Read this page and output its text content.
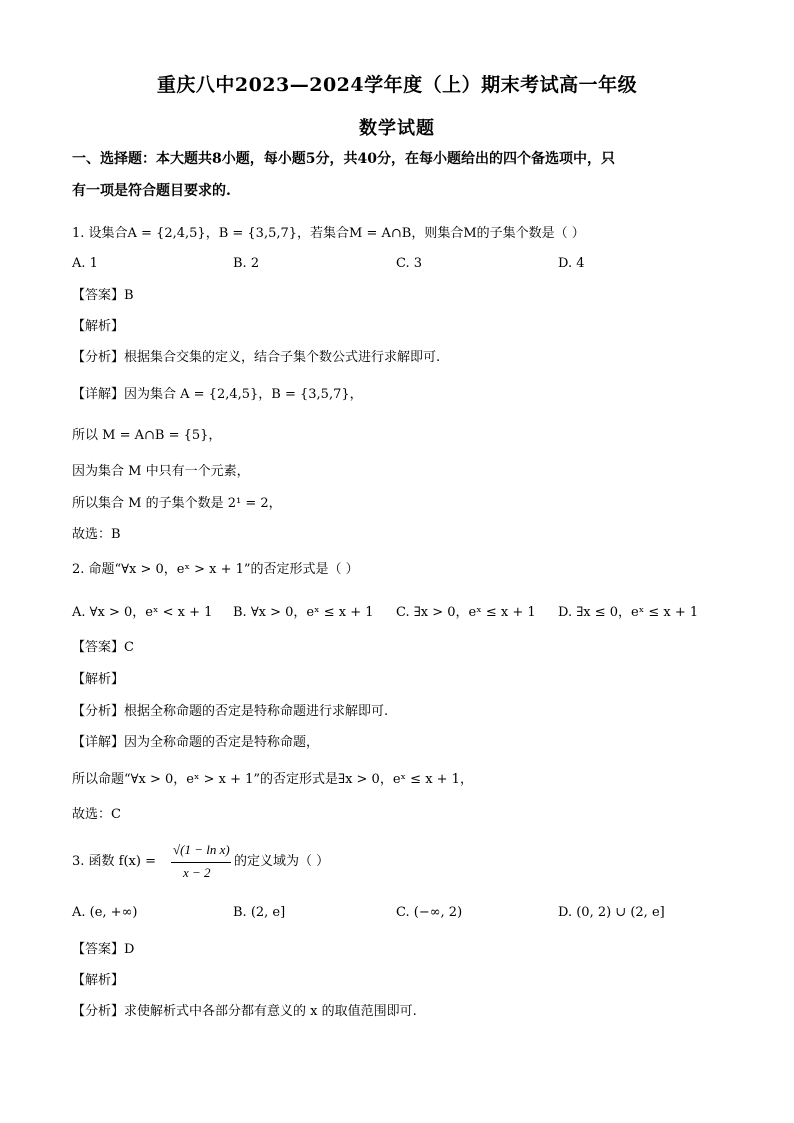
重庆八中2023—2024学年度（上）期末考试高一年级
数学试题
一、选择题：本大题共8小题，每小题5分，共40分，在每小题给出的四个备选项中，只
有一项是符合题目要求的.
1. 设集合A = {2,4,5}，B = {3,5,7}，若集合M = A∩B，则集合M的子集个数是（ ）
A. 1	B. 2	C. 3	D. 4
【答案】B
【解析】
【分析】根据集合交集的定义，结合子集个数公式进行求解即可.
【详解】因为集合 A = {2,4,5}，B = {3,5,7}，
所以 M = A∩B = {5}，
因为集合 M 中只有一个元素，
所以集合 M 的子集个数是 2¹ = 2，
故选：B
2. 命题“∀x > 0，eˣ > x + 1”的否定形式是（ ）
A. ∀x > 0，eˣ < x + 1 B. ∀x > 0，eˣ ≤ x + 1 C. ∃x > 0，eˣ ≤ x + 1 D. ∃x ≤ 0，eˣ ≤ x + 1
【答案】C
【解析】
【分析】根据全称命题的否定是特称命题进行求解即可.
【详解】因为全称命题的否定是特称命题，
所以命题“∀x > 0，eˣ > x + 1”的否定形式是∃x > 0，eˣ ≤ x + 1，
故选：C
3. 函数 f(x) =
√(1 − ln x)
x − 2
的定义域为（ ）
A. (e, +∞)	B. (2, e]	C. (−∞, 2)	D. (0, 2) ∪ (2, e]
【答案】D
【解析】
【分析】求使解析式中各部分都有意义的 x 的取值范围即可.
